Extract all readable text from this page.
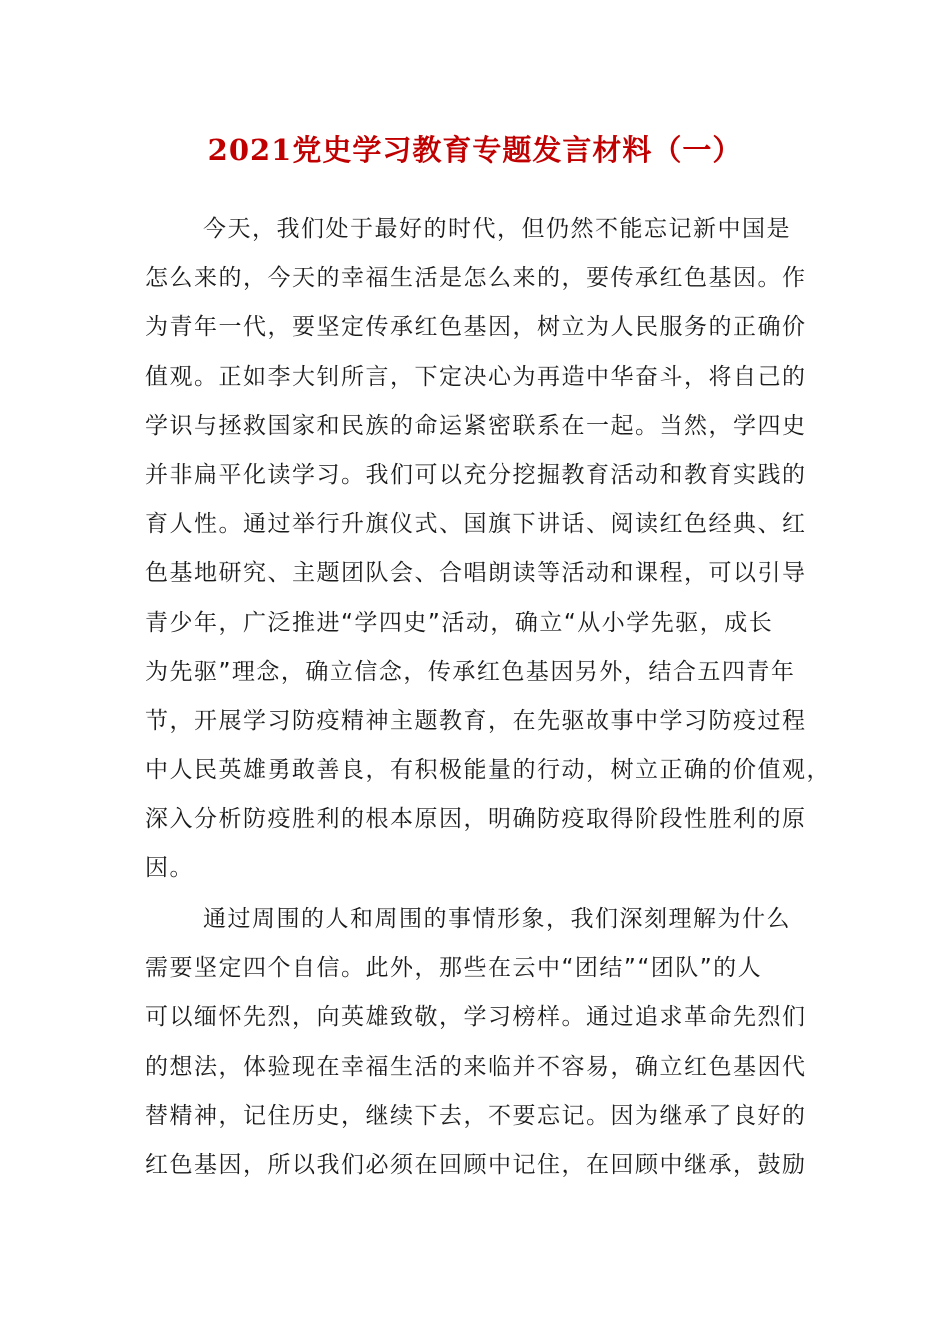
2021党史学习教育专题发言材料（一）
今天，我们处于最好的时代，但仍然不能忘记新中国是
怎么来的，今天的幸福生活是怎么来的，要传承红色基因。作
为青年一代，要坚定传承红色基因，树立为人民服务的正确价
值观。正如李大钊所言，下定决心为再造中华奋斗，将自己的
学识与拯救国家和民族的命运紧密联系在一起。当然，学四史
并非扁平化读学习。我们可以充分挖掘教育活动和教育实践的
育人性。通过举行升旗仪式、国旗下讲话、阅读红色经典、红
色基地研究、主题团队会、合唱朗读等活动和课程，可以引导
青少年，广泛推进“学四史”活动，确立“从小学先驱，成长
为先驱”理念，确立信念，传承红色基因另外，结合五四青年
节，开展学习防疫精神主题教育，在先驱故事中学习防疫过程
中人民英雄勇敢善良，有积极能量的行动，树立正确的价值观，
深入分析防疫胜利的根本原因，明确防疫取得阶段性胜利的原
因。
通过周围的人和周围的事情形象，我们深刻理解为什么
需要坚定四个自信。此外，那些在云中“团结”“团队”的人
可以缅怀先烈，向英雄致敬，学习榜样。通过追求革命先烈们
的想法，体验现在幸福生活的来临并不容易，确立红色基因代
替精神，记住历史，继续下去，不要忘记。因为继承了良好的
红色基因，所以我们必须在回顾中记住，在回顾中继承，鼓励
